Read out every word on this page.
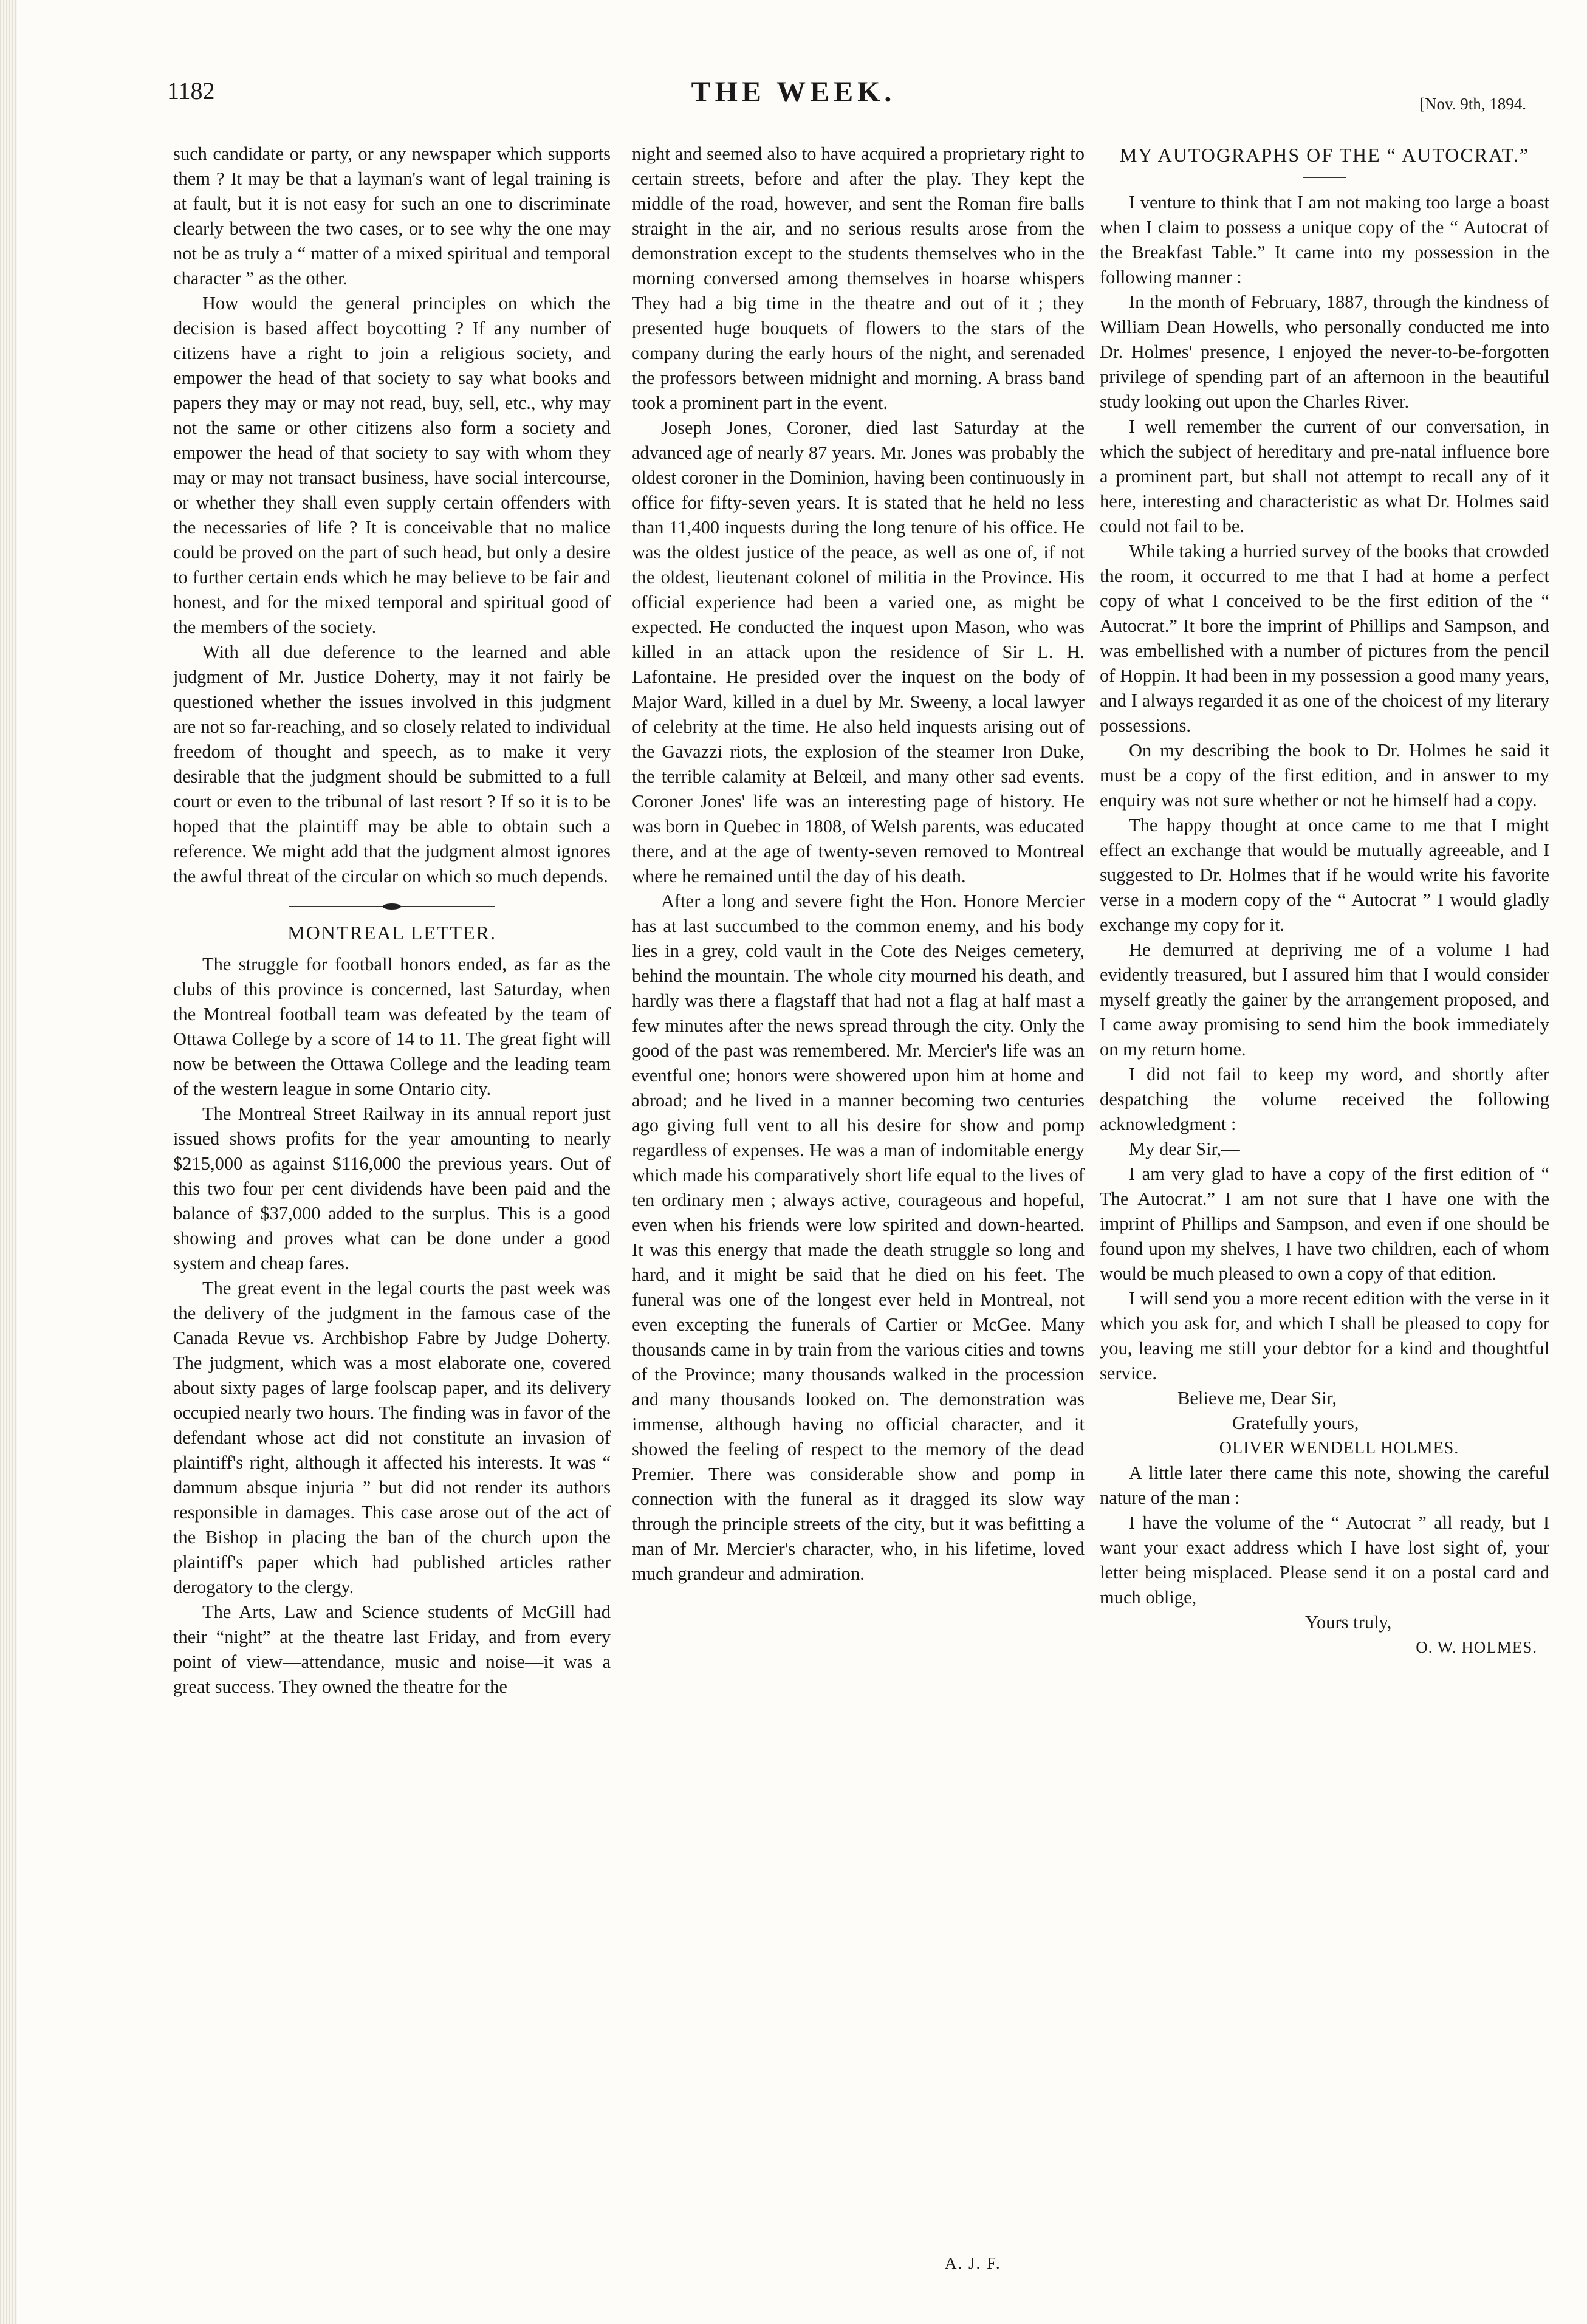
1182	THE WEEK.	[Nov. 9th, 1894.

such candidate or party, or any newspaper which supports them ? It may be that a layman's want of legal training is at fault, but it is not easy for such an one to discriminate clearly between the two cases, or to see why the one may not be as truly a “ matter of a mixed spiritual and temporal character ” as the other.

How would the general principles on which the decision is based affect boycotting ? If any number of citizens have a right to join a religious society, and empower the head of that society to say what books and papers they may or may not read, buy, sell, etc., why may not the same or other citizens also form a society and empower the head of that society to say with whom they may or may not transact business, have social intercourse, or whether they shall even supply certain offenders with the necessaries of life ? It is conceivable that no malice could be proved on the part of such head, but only a desire to further certain ends which he may believe to be fair and honest, and for the mixed temporal and spiritual good of the members of the society.

With all due deference to the learned and able judgment of Mr. Justice Doherty, may it not fairly be questioned whether the issues involved in this judgment are not so far-reaching, and so closely related to individual freedom of thought and speech, as to make it very desirable that the judgment should be submitted to a full court or even to the tribunal of last resort ? If so it is to be hoped that the plaintiff may be able to obtain such a reference. We might add that the judgment almost ignores the awful threat of the circular on which so much depends.

MONTREAL LETTER.

The struggle for football honors ended, as far as the clubs of this province is concerned, last Saturday, when the Montreal football team was defeated by the team of Ottawa College by a score of 14 to 11. The great fight will now be between the Ottawa College and the leading team of the western league in some Ontario city.

The Montreal Street Railway in its annual report just issued shows profits for the year amounting to nearly $215,000 as against $116,000 the previous years. Out of this two four per cent dividends have been paid and the balance of $37,000 added to the surplus. This is a good showing and proves what can be done under a good system and cheap fares.

The great event in the legal courts the past week was the delivery of the judgment in the famous case of the Canada Revue vs. Archbishop Fabre by Judge Doherty. The judgment, which was a most elaborate one, covered about sixty pages of large foolscap paper, and its delivery occupied nearly two hours. The finding was in favor of the defendant whose act did not constitute an invasion of plaintiff's right, although it affected his interests. It was “ damnum absque injuria ” but did not render its authors responsible in damages. This case arose out of the act of the Bishop in placing the ban of the church upon the plaintiff's paper which had published articles rather derogatory to the clergy.

The Arts, Law and Science students of McGill had their “night” at the theatre last Friday, and from every point of view—attendance, music and noise—it was a great success. They owned the theatre for the

night and seemed also to have acquired a proprietary right to certain streets, before and after the play. They kept the middle of the road, however, and sent the Roman fire balls straight in the air, and no serious results arose from the demonstration except to the students themselves who in the morning conversed among themselves in hoarse whispers They had a big time in the theatre and out of it ; they presented huge bouquets of flowers to the stars of the company during the early hours of the night, and serenaded the professors between midnight and morning. A brass band took a prominent part in the event.

Joseph Jones, Coroner, died last Saturday at the advanced age of nearly 87 years. Mr. Jones was probably the oldest coroner in the Dominion, having been continuously in office for fifty-seven years. It is stated that he held no less than 11,400 inquests during the long tenure of his office. He was the oldest justice of the peace, as well as one of, if not the oldest, lieutenant colonel of militia in the Province. His official experience had been a varied one, as might be expected. He conducted the inquest upon Mason, who was killed in an attack upon the residence of Sir L. H. Lafontaine. He presided over the inquest on the body of Major Ward, killed in a duel by Mr. Sweeny, a local lawyer of celebrity at the time. He also held inquests arising out of the Gavazzi riots, the explosion of the steamer Iron Duke, the terrible calamity at Belœil, and many other sad events. Coroner Jones' life was an interesting page of history. He was born in Quebec in 1808, of Welsh parents, was educated there, and at the age of twenty-seven removed to Montreal where he remained until the day of his death.

After a long and severe fight the Hon. Honore Mercier has at last succumbed to the common enemy, and his body lies in a grey, cold vault in the Cote des Neiges cemetery, behind the mountain. The whole city mourned his death, and hardly was there a flagstaff that had not a flag at half mast a few minutes after the news spread through the city. Only the good of the past was remembered. Mr. Mercier's life was an eventful one; honors were showered upon him at home and abroad; and he lived in a manner becoming two centuries ago giving full vent to all his desire for show and pomp regardless of expenses. He was a man of indomitable energy which made his comparatively short life equal to the lives of ten ordinary men ; always active, courageous and hopeful, even when his friends were low spirited and down-hearted. It was this energy that made the death struggle so long and hard, and it might be said that he died on his feet. The funeral was one of the longest ever held in Montreal, not even excepting the funerals of Cartier or McGee. Many thousands came in by train from the various cities and towns of the Province; many thousands walked in the procession and many thousands looked on. The demonstration was immense, although having no official character, and it showed the feeling of respect to the memory of the dead Premier. There was considerable show and pomp in connection with the funeral as it dragged its slow way through the principle streets of the city, but it was befitting a man of Mr. Mercier's character, who, in his lifetime, loved much grandeur and admiration.

A. J. F.
MY AUTOGRAPHS OF THE “ AUTOCRAT.”

I venture to think that I am not making too large a boast when I claim to possess a unique copy of the “ Autocrat of the Breakfast Table.” It came into my possession in the following manner :

In the month of February, 1887, through the kindness of William Dean Howells, who personally conducted me into Dr. Holmes' presence, I enjoyed the never-to-be-forgotten privilege of spending part of an afternoon in the beautiful study looking out upon the Charles River.

I well remember the current of our conversation, in which the subject of hereditary and pre-natal influence bore a prominent part, but shall not attempt to recall any of it here, interesting and characteristic as what Dr. Holmes said could not fail to be.

While taking a hurried survey of the books that crowded the room, it occurred to me that I had at home a perfect copy of what I conceived to be the first edition of the “ Autocrat.” It bore the imprint of Phillips and Sampson, and was embellished with a number of pictures from the pencil of Hoppin. It had been in my possession a good many years, and I always regarded it as one of the choicest of my literary possessions.

On my describing the book to Dr. Holmes he said it must be a copy of the first edition, and in answer to my enquiry was not sure whether or not he himself had a copy.

The happy thought at once came to me that I might effect an exchange that would be mutually agreeable, and I suggested to Dr. Holmes that if he would write his favorite verse in a modern copy of the “ Autocrat ” I would gladly exchange my copy for it.

He demurred at depriving me of a volume I had evidently treasured, but I assured him that I would consider myself greatly the gainer by the arrangement proposed, and I came away promising to send him the book immediately on my return home.

I did not fail to keep my word, and shortly after despatching the volume received the following acknowledgment :

My dear Sir,—

I am very glad to have a copy of the first edition of “ The Autocrat.” I am not sure that I have one with the imprint of Phillips and Sampson, and even if one should be found upon my shelves, I have two children, each of whom would be much pleased to own a copy of that edition.

I will send you a more recent edition with the verse in it which you ask for, and which I shall be pleased to copy for you, leaving me still your debtor for a kind and thoughtful service.

Believe me, Dear Sir,

Gratefully yours,

OLIVER WENDELL HOLMES.

A little later there came this note, showing the careful nature of the man :

I have the volume of the “ Autocrat ” all ready, but I want your exact address which I have lost sight of, your letter being misplaced. Please send it on a postal card and much oblige,

Yours truly,

O. W. HOLMES.
